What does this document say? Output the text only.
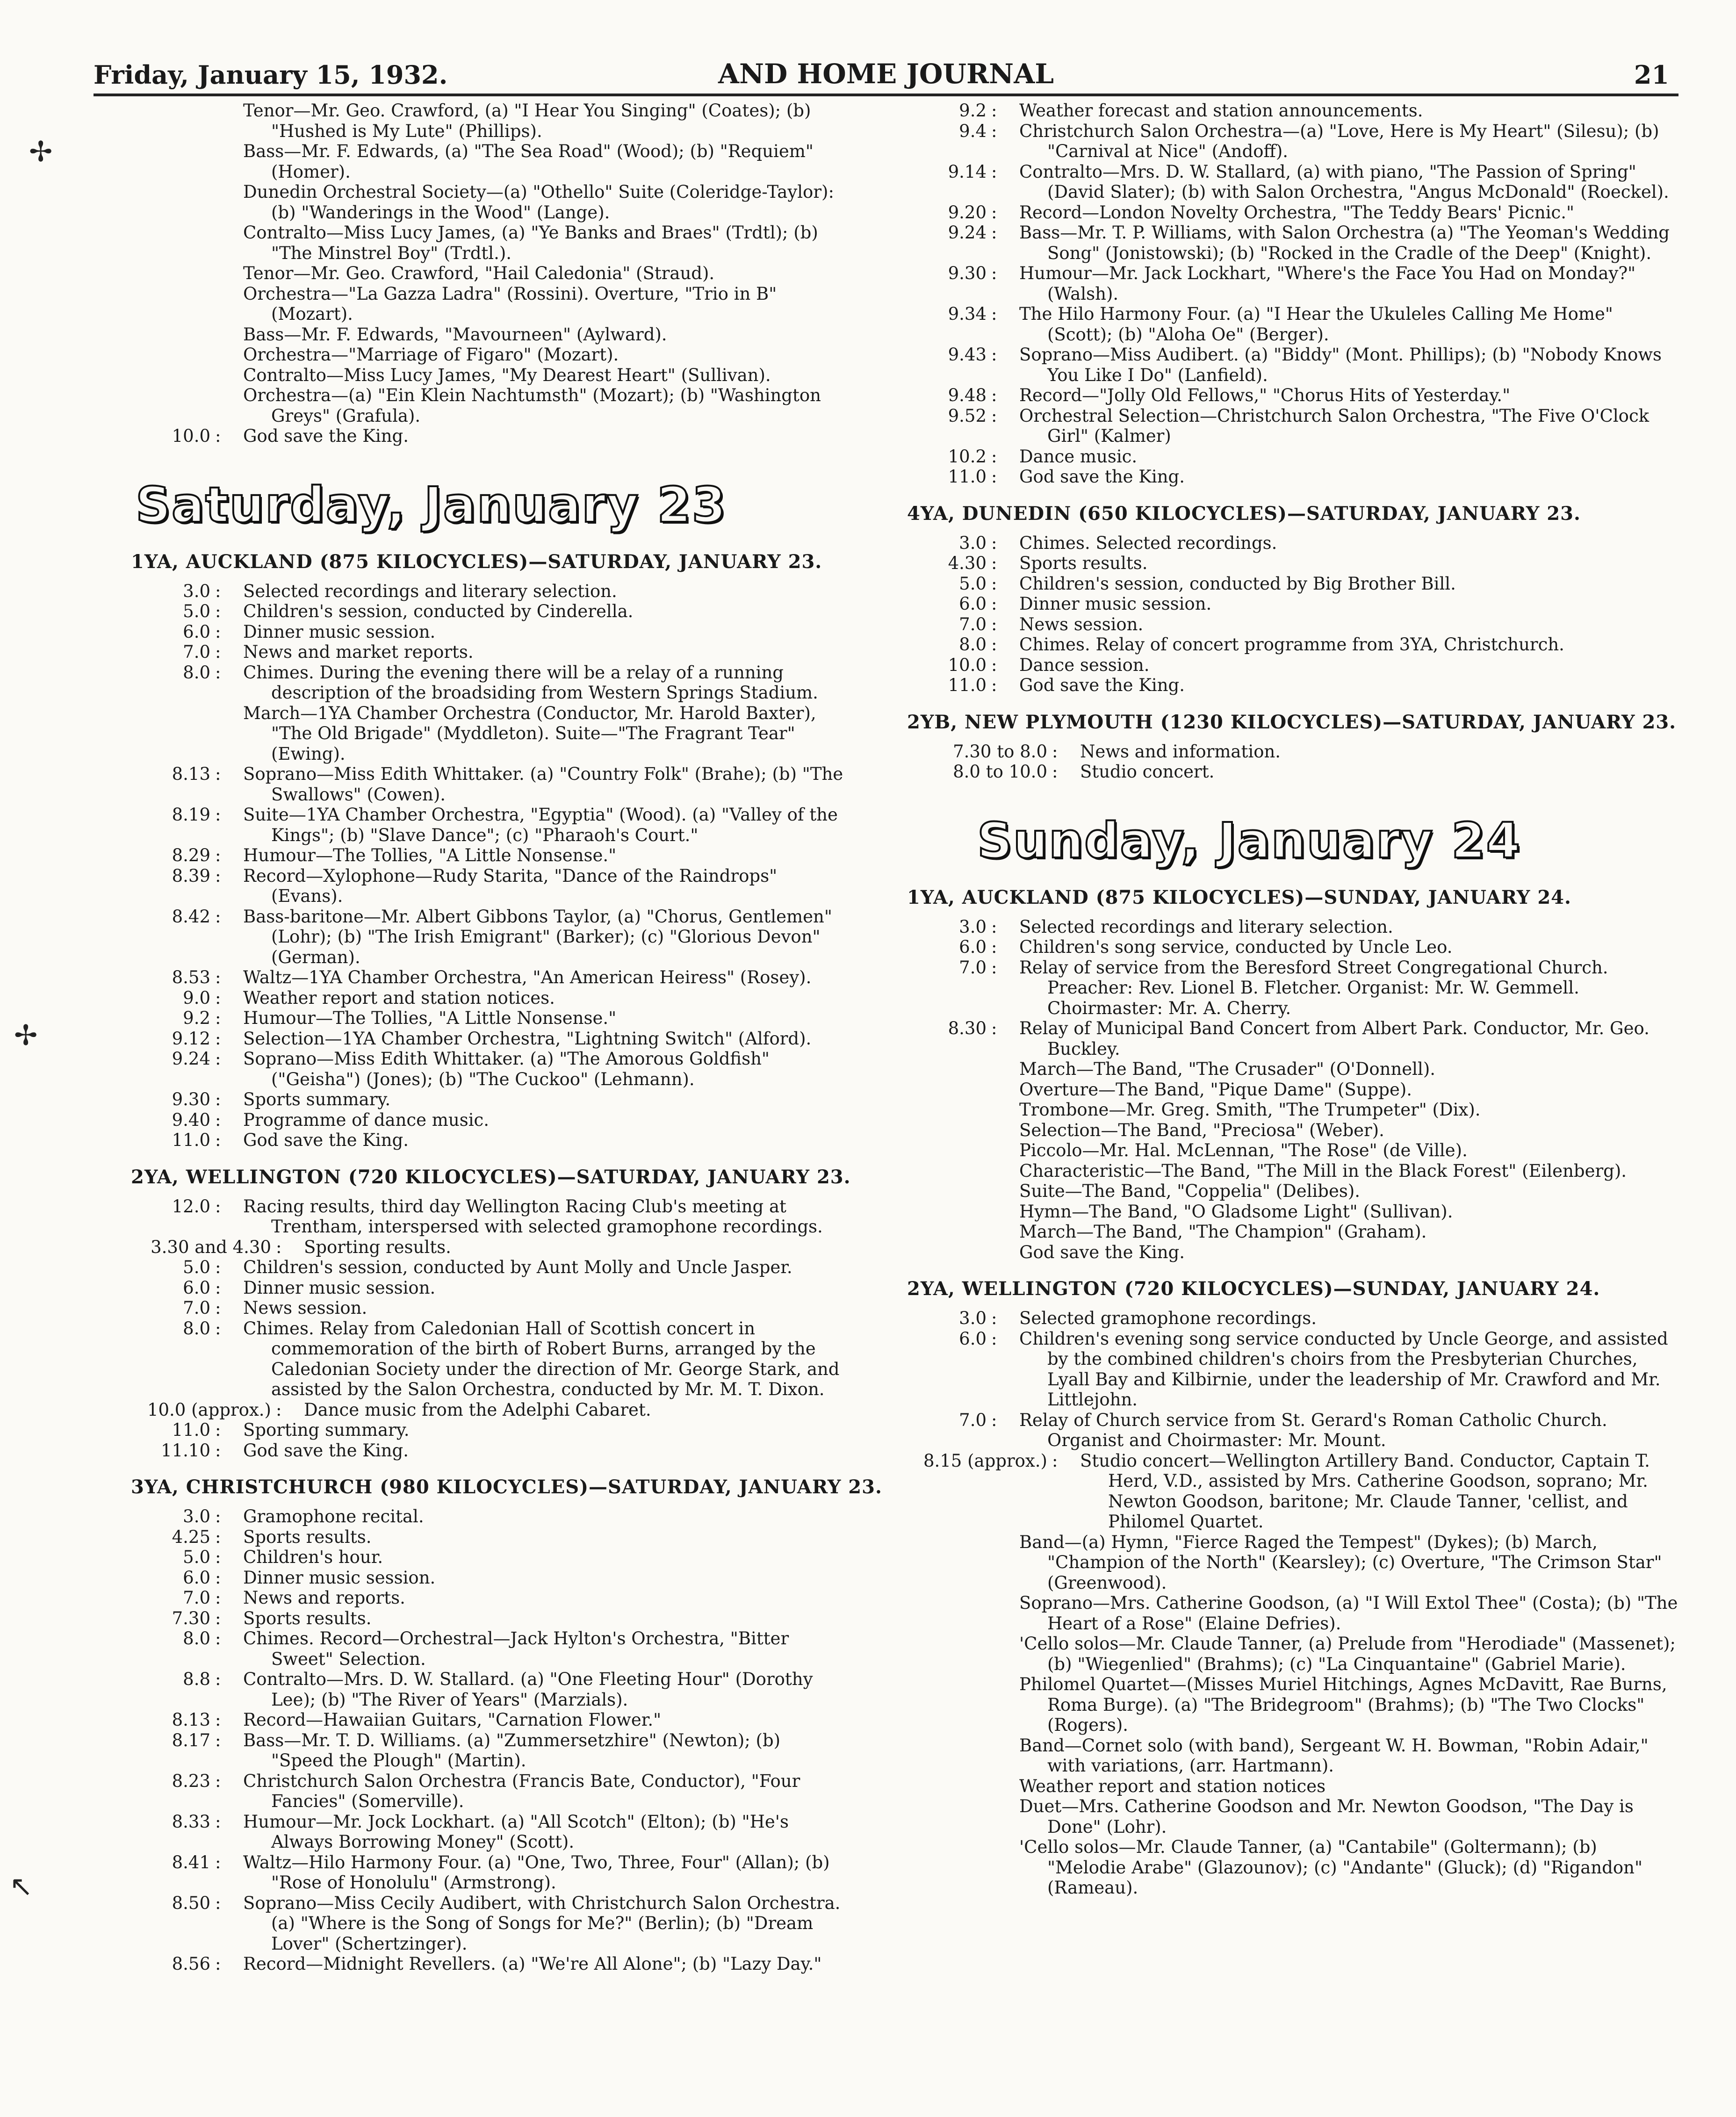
Friday, January 15, 1932.	AND HOME JOURNAL	21
✢
✢
↖
Tenor—Mr. Geo. Crawford, (a) "I Hear You Singing" (Coates); (b) "Hushed is My Lute" (Phillips).
Bass—Mr. F. Edwards, (a) "The Sea Road" (Wood); (b) "Requiem" (Homer).
Dunedin Orchestral Society—(a) "Othello" Suite (Coleridge-Taylor): (b) "Wanderings in the Wood" (Lange).
Contralto—Miss Lucy James, (a) "Ye Banks and Braes" (Trdtl); (b) "The Minstrel Boy" (Trdtl.).
Tenor—Mr. Geo. Crawford, "Hail Caledonia" (Straud).
Orchestra—"La Gazza Ladra" (Rossini). Overture, "Trio in B" (Mozart).
Bass—Mr. F. Edwards, "Mavourneen" (Aylward).
Orchestra—"Marriage of Figaro" (Mozart).
Contralto—Miss Lucy James, "My Dearest Heart" (Sullivan).
Orchestra—(a) "Ein Klein Nachtumsth" (Mozart); (b) "Washington Greys" (Grafula).
10.0 : God save the King.
Saturday, January 23
1YA, AUCKLAND (875 KILOCYCLES)—SATURDAY, JANUARY 23.
3.0 : Selected recordings and literary selection.
5.0 : Children's session, conducted by Cinderella.
6.0 : Dinner music session.
7.0 : News and market reports.
8.0 : Chimes. During the evening there will be a relay of a running description of the broadsiding from Western Springs Stadium.
March—1YA Chamber Orchestra (Conductor, Mr. Harold Baxter), "The Old Brigade" (Myddleton). Suite—"The Fragrant Tear" (Ewing).
8.13 : Soprano—Miss Edith Whittaker. (a) "Country Folk" (Brahe); (b) "The Swallows" (Cowen).
8.19 : Suite—1YA Chamber Orchestra, "Egyptia" (Wood). (a) "Valley of the Kings"; (b) "Slave Dance"; (c) "Pharaoh's Court."
8.29 : Humour—The Tollies, "A Little Nonsense."
8.39 : Record—Xylophone—Rudy Starita, "Dance of the Raindrops" (Evans).
8.42 : Bass-baritone—Mr. Albert Gibbons Taylor, (a) "Chorus, Gentlemen" (Lohr); (b) "The Irish Emigrant" (Barker); (c) "Glorious Devon" (German).
8.53 : Waltz—1YA Chamber Orchestra, "An American Heiress" (Rosey).
9.0 : Weather report and station notices.
9.2 : Humour—The Tollies, "A Little Nonsense."
9.12 : Selection—1YA Chamber Orchestra, "Lightning Switch" (Alford).
9.24 : Soprano—Miss Edith Whittaker. (a) "The Amorous Goldfish" ("Geisha") (Jones); (b) "The Cuckoo" (Lehmann).
9.30 : Sports summary.
9.40 : Programme of dance music.
11.0 : God save the King.
2YA, WELLINGTON (720 KILOCYCLES)—SATURDAY, JANUARY 23.
12.0 : Racing results, third day Wellington Racing Club's meeting at Trentham, interspersed with selected gramophone recordings.
3.30 and 4.30 : Sporting results.
5.0 : Children's session, conducted by Aunt Molly and Uncle Jasper.
6.0 : Dinner music session.
7.0 : News session.
8.0 : Chimes. Relay from Caledonian Hall of Scottish concert in commemoration of the birth of Robert Burns, arranged by the Caledonian Society under the direction of Mr. George Stark, and assisted by the Salon Orchestra, conducted by Mr. M. T. Dixon.
10.0 (approx.) : Dance music from the Adelphi Cabaret.
11.0 : Sporting summary.
11.10 : God save the King.
3YA, CHRISTCHURCH (980 KILOCYCLES)—SATURDAY, JANUARY 23.
3.0 : Gramophone recital.
4.25 : Sports results.
5.0 : Children's hour.
6.0 : Dinner music session.
7.0 : News and reports.
7.30 : Sports results.
8.0 : Chimes. Record—Orchestral—Jack Hylton's Orchestra, "Bitter Sweet" Selection.
8.8 : Contralto—Mrs. D. W. Stallard. (a) "One Fleeting Hour" (Dorothy Lee); (b) "The River of Years" (Marzials).
8.13 : Record—Hawaiian Guitars, "Carnation Flower."
8.17 : Bass—Mr. T. D. Williams. (a) "Zummersetzhire" (Newton); (b) "Speed the Plough" (Martin).
8.23 : Christchurch Salon Orchestra (Francis Bate, Conductor), "Four Fancies" (Somerville).
8.33 : Humour—Mr. Jock Lockhart. (a) "All Scotch" (Elton); (b) "He's Always Borrowing Money" (Scott).
8.41 : Waltz—Hilo Harmony Four. (a) "One, Two, Three, Four" (Allan); (b) "Rose of Honolulu" (Armstrong).
8.50 : Soprano—Miss Cecily Audibert, with Christchurch Salon Orchestra. (a) "Where is the Song of Songs for Me?" (Berlin); (b) "Dream Lover" (Schertzinger).
8.56 : Record—Midnight Revellers. (a) "We're All Alone"; (b) "Lazy Day."
9.2 : Weather forecast and station announcements.
9.4 : Christchurch Salon Orchestra—(a) "Love, Here is My Heart" (Silesu); (b) "Carnival at Nice" (Andoff).
9.14 : Contralto—Mrs. D. W. Stallard, (a) with piano, "The Passion of Spring" (David Slater); (b) with Salon Orchestra, "Angus McDonald" (Roeckel).
9.20 : Record—London Novelty Orchestra, "The Teddy Bears' Picnic."
9.24 : Bass—Mr. T. P. Williams, with Salon Orchestra (a) "The Yeoman's Wedding Song" (Jonistowski); (b) "Rocked in the Cradle of the Deep" (Knight).
9.30 : Humour—Mr. Jack Lockhart, "Where's the Face You Had on Monday?" (Walsh).
9.34 : The Hilo Harmony Four. (a) "I Hear the Ukuleles Calling Me Home" (Scott); (b) "Aloha Oe" (Berger).
9.43 : Soprano—Miss Audibert. (a) "Biddy" (Mont. Phillips); (b) "Nobody Knows You Like I Do" (Lanfield).
9.48 : Record—"Jolly Old Fellows," "Chorus Hits of Yesterday."
9.52 : Orchestral Selection—Christchurch Salon Orchestra, "The Five O'Clock Girl" (Kalmer)
10.2 : Dance music.
11.0 : God save the King.
4YA, DUNEDIN (650 KILOCYCLES)—SATURDAY, JANUARY 23.
3.0 : Chimes. Selected recordings.
4.30 : Sports results.
5.0 : Children's session, conducted by Big Brother Bill.
6.0 : Dinner music session.
7.0 : News session.
8.0 : Chimes. Relay of concert programme from 3YA, Christchurch.
10.0 : Dance session.
11.0 : God save the King.
2YB, NEW PLYMOUTH (1230 KILOCYCLES)—SATURDAY, JANUARY 23.
7.30 to 8.0 : News and information.
8.0 to 10.0 : Studio concert.
Sunday, January 24
1YA, AUCKLAND (875 KILOCYCLES)—SUNDAY, JANUARY 24.
3.0 : Selected recordings and literary selection.
6.0 : Children's song service, conducted by Uncle Leo.
7.0 : Relay of service from the Beresford Street Congregational Church. Preacher: Rev. Lionel B. Fletcher. Organist: Mr. W. Gemmell. Choirmaster: Mr. A. Cherry.
8.30 : Relay of Municipal Band Concert from Albert Park. Conductor, Mr. Geo. Buckley.
March—The Band, "The Crusader" (O'Donnell).
Overture—The Band, "Pique Dame" (Suppe).
Trombone—Mr. Greg. Smith, "The Trumpeter" (Dix).
Selection—The Band, "Preciosa" (Weber).
Piccolo—Mr. Hal. McLennan, "The Rose" (de Ville).
Characteristic—The Band, "The Mill in the Black Forest" (Eilenberg).
Suite—The Band, "Coppelia" (Delibes).
Hymn—The Band, "O Gladsome Light" (Sullivan).
March—The Band, "The Champion" (Graham).
God save the King.
2YA, WELLINGTON (720 KILOCYCLES)—SUNDAY, JANUARY 24.
3.0 : Selected gramophone recordings.
6.0 : Children's evening song service conducted by Uncle George, and assisted by the combined children's choirs from the Presbyterian Churches, Lyall Bay and Kilbirnie, under the leadership of Mr. Crawford and Mr. Littlejohn.
7.0 : Relay of Church service from St. Gerard's Roman Catholic Church. Organist and Choirmaster: Mr. Mount.
8.15 (approx.) : Studio concert—Wellington Artillery Band. Conductor, Captain T. Herd, V.D., assisted by Mrs. Catherine Goodson, soprano; Mr. Newton Goodson, baritone; Mr. Claude Tanner, 'cellist, and Philomel Quartet.
Band—(a) Hymn, "Fierce Raged the Tempest" (Dykes); (b) March, "Champion of the North" (Kearsley); (c) Overture, "The Crimson Star" (Greenwood).
Soprano—Mrs. Catherine Goodson, (a) "I Will Extol Thee" (Costa); (b) "The Heart of a Rose" (Elaine Defries).
'Cello solos—Mr. Claude Tanner, (a) Prelude from "Herodiade" (Massenet); (b) "Wiegenlied" (Brahms); (c) "La Cinquantaine" (Gabriel Marie).
Philomel Quartet—(Misses Muriel Hitchings, Agnes McDavitt, Rae Burns, Roma Burge). (a) "The Bridegroom" (Brahms); (b) "The Two Clocks" (Rogers).
Band—Cornet solo (with band), Sergeant W. H. Bowman, "Robin Adair," with variations, (arr. Hartmann).
Weather report and station notices
Duet—Mrs. Catherine Goodson and Mr. Newton Goodson, "The Day is Done" (Lohr).
'Cello solos—Mr. Claude Tanner, (a) "Cantabile" (Goltermann); (b) "Melodie Arabe" (Glazounov); (c) "Andante" (Gluck); (d) "Rigandon" (Rameau).
